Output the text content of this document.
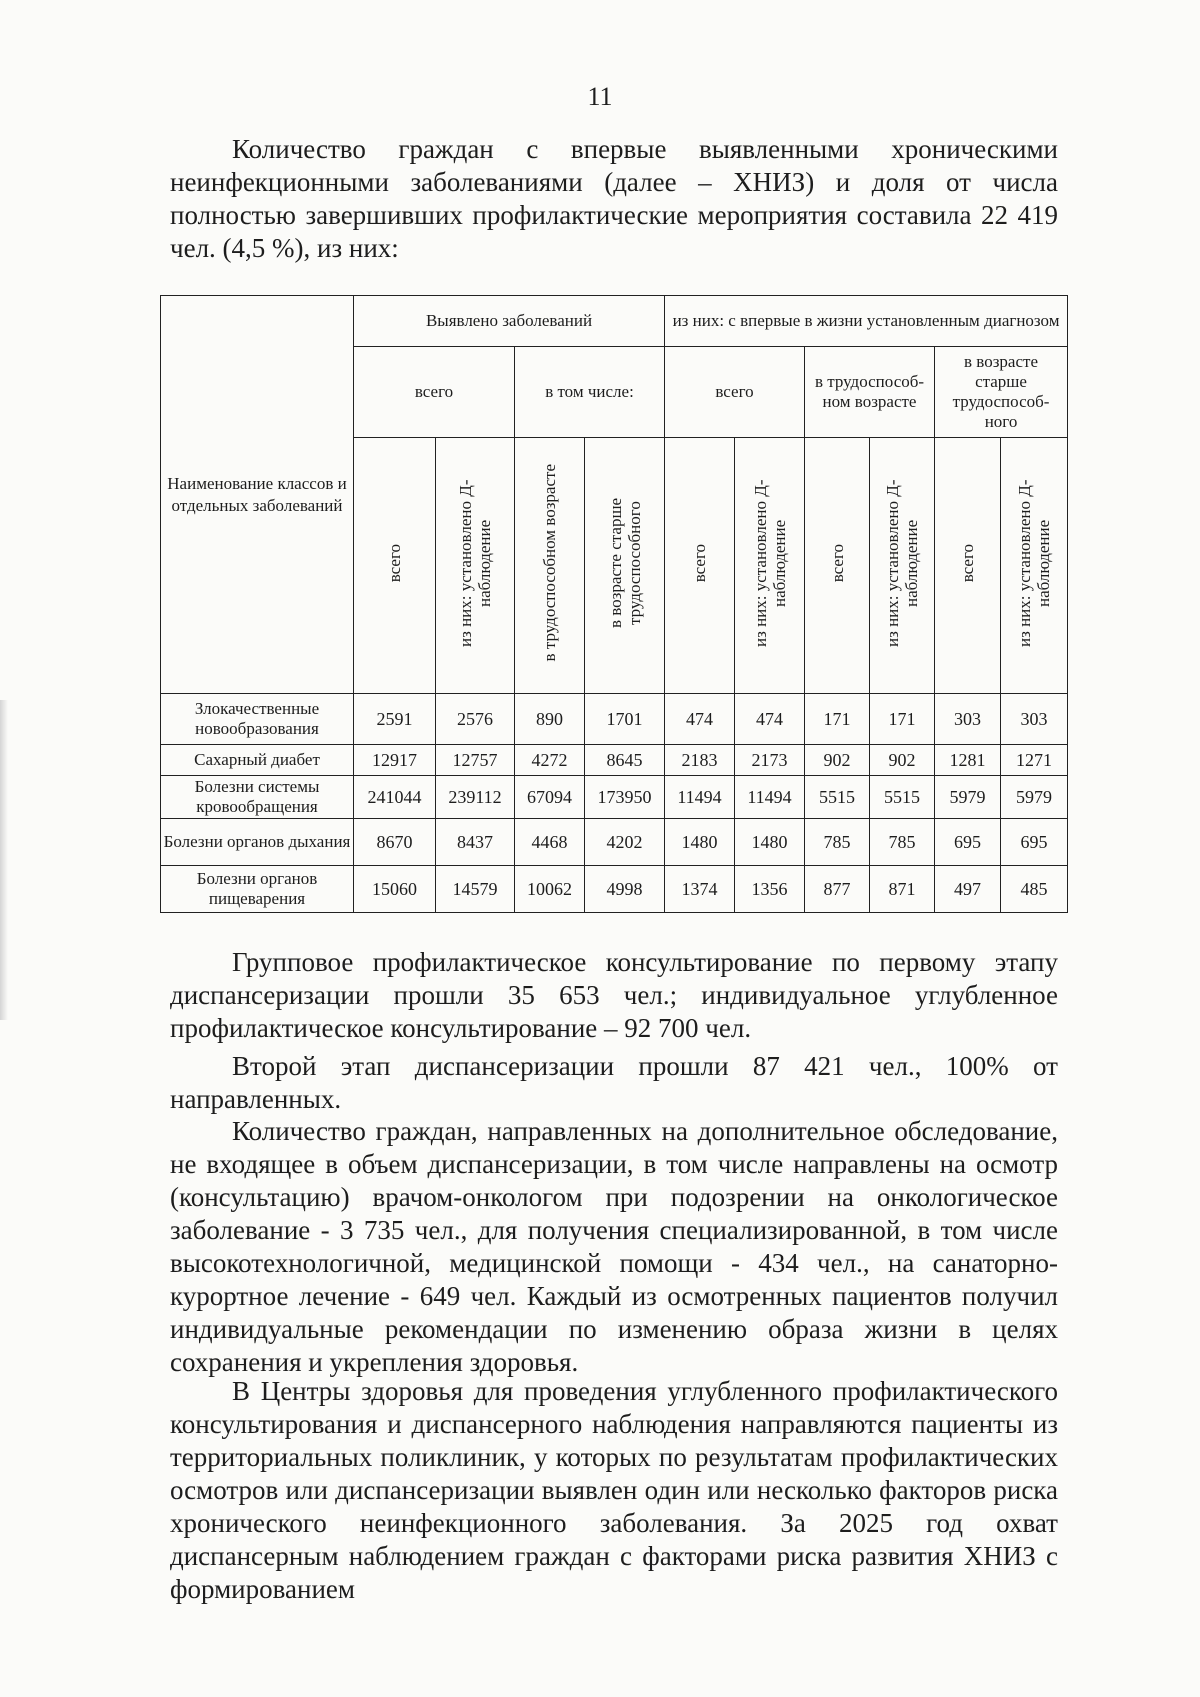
11

Количество граждан с впервые выявленными хроническими неинфекционными заболеваниями (далее – ХНИЗ) и доля от числа полностью завершивших профилактические мероприятия составила 22 419 чел. (4,5 %), из них:

Наименование классов и отдельных заболеваний	Выявлено заболеваний				из них: с впервые в жизни установленным диагнозом					
	всего		в том числе:		всего		в трудоспособ-ном возрасте		в возрасте старше трудоспособ-ного	
	всего	из них: установлено Д-наблюдение	в трудоспособном возрасте	в возрасте старше трудоспособного	всего	из них: установлено Д-наблюдение	всего	из них: установлено Д-наблюдение	всего	из них: установлено Д-наблюдение
Злокачественные новообразования	2591	2576	890	1701	474	474	171	171	303	303
Сахарный диабет	12917	12757	4272	8645	2183	2173	902	902	1281	1271
Болезни системы кровообращения	241044	239112	67094	173950	11494	11494	5515	5515	5979	5979
Болезни органов дыхания	8670	8437	4468	4202	1480	1480	785	785	695	695
Болезни органов пищеварения	15060	14579	10062	4998	1374	1356	877	871	497	485

Групповое профилактическое консультирование по первому этапу диспансеризации прошли 35 653 чел.; индивидуальное углубленное профилактическое консультирование – 92 700 чел.

Второй этап диспансеризации прошли 87 421 чел., 100% от направленных.

Количество граждан, направленных на дополнительное обследование, не входящее в объем диспансеризации, в том числе направлены на осмотр (консультацию) врачом-онкологом при подозрении на онкологическое заболевание - 3 735 чел., для получения специализированной, в том числе высокотехнологичной, медицинской помощи - 434 чел., на санаторно-курортное лечение - 649 чел. Каждый из осмотренных пациентов получил индивидуальные рекомендации по изменению образа жизни в целях сохранения и укрепления здоровья.

В Центры здоровья для проведения углубленного профилактического консультирования и диспансерного наблюдения направляются пациенты из территориальных поликлиник, у которых по результатам профилактических осмотров или диспансеризации выявлен один или несколько факторов риска хронического неинфекционного заболевания. За 2025 год охват диспансерным наблюдением граждан с факторами риска развития ХНИЗ с формированием
